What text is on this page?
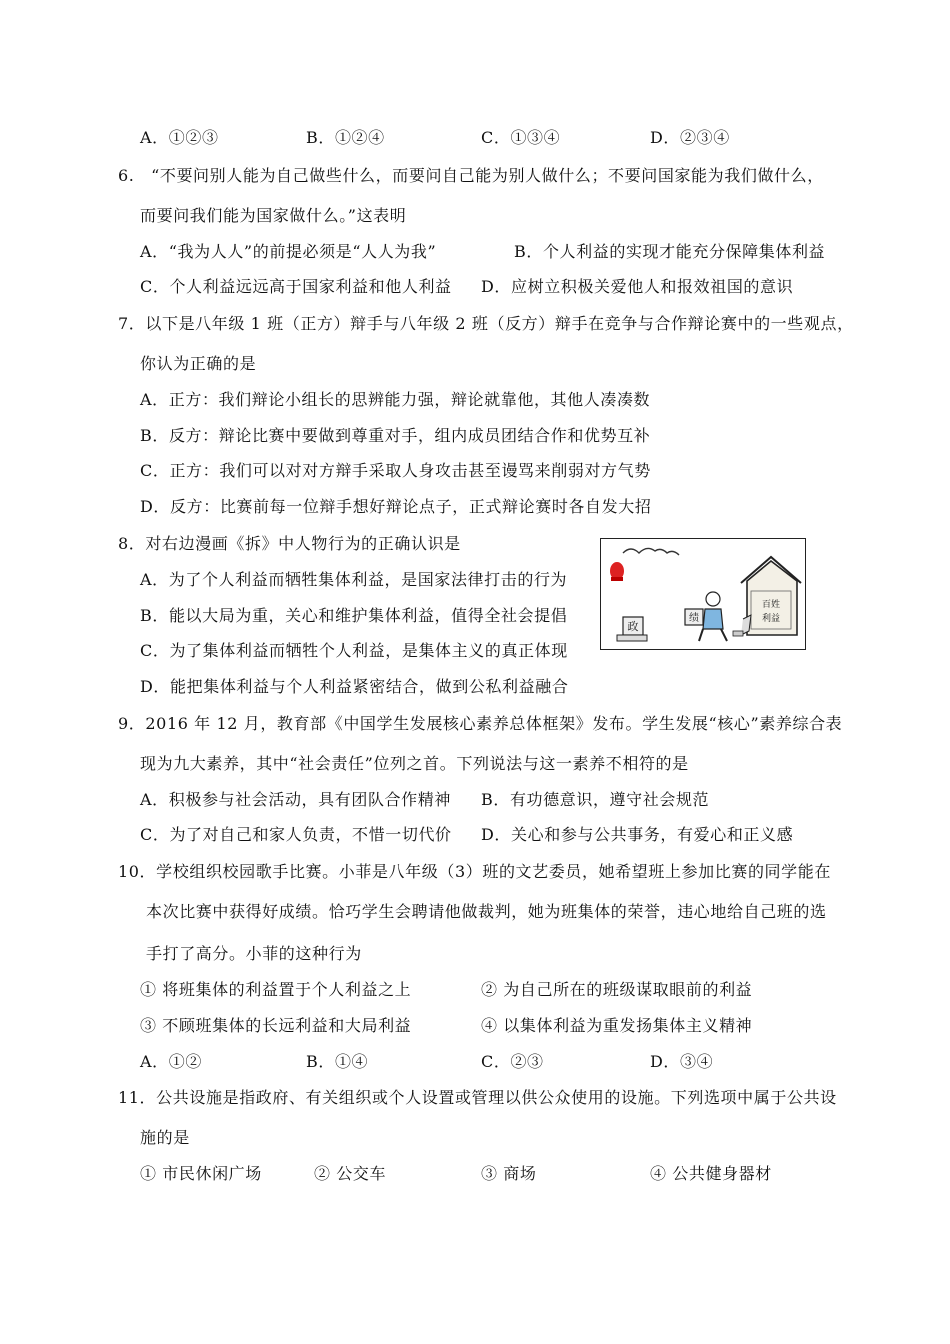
A．①②③	B．①②④	C．①③④	D．②③④
6.　“不要问别人能为自己做些什么，而要问自己能为别人做什么；不要问国家能为我们做什么，
而要问我们能为国家做什么。”这表明
A．“我为人人”的前提必须是“人人为我”	B．个人利益的实现才能充分保障集体利益
C．个人利益远远高于国家利益和他人利益 D．应树立积极关爱他人和报效祖国的意识
7．以下是八年级 1 班（正方）辩手与八年级 2 班（反方）辩手在竞争与合作辩论赛中的一些观点，
你认为正确的是
A．正方：我们辩论小组长的思辨能力强，辩论就靠他，其他人凑凑数
B．反方：辩论比赛中要做到尊重对手，组内成员团结合作和优势互补
C．正方：我们可以对对方辩手采取人身攻击甚至谩骂来削弱对方气势
D．反方：比赛前每一位辩手想好辩论点子，正式辩论赛时各自发大招
8．对右边漫画《拆》中人物行为的正确认识是
A．为了个人利益而牺牲集体利益，是国家法律打击的行为
B．能以大局为重，关心和维护集体利益，值得全社会提倡
C．为了集体利益而牺牲个人利益，是集体主义的真正体现
D．能把集体利益与个人利益紧密结合，做到公私利益融合
百姓
利益
绩
政
9．2016 年 12 月，教育部《中国学生发展核心素养总体框架》发布。学生发展“核心”素养综合表
现为九大素养，其中“社会责任”位列之首。下列说法与这一素养不相符的是
A．积极参与社会活动，具有团队合作精神 B．有功德意识，遵守社会规范
C．为了对自己和家人负责，不惜一切代价 D．关心和参与公共事务，有爱心和正义感
10．学校组织校园歌手比赛。小菲是八年级（3）班的文艺委员，她希望班上参加比赛的同学能在
本次比赛中获得好成绩。恰巧学生会聘请他做裁判，她为班集体的荣誉，违心地给自己班的选
手打了高分。小菲的这种行为
① 将班集体的利益置于个人利益之上	② 为自己所在的班级谋取眼前的利益
③ 不顾班集体的长远利益和大局利益	④ 以集体利益为重发扬集体主义精神
A．①②	B．①④	C．②③	D．③④
11．公共设施是指政府、有关组织或个人设置或管理以供公众使用的设施。下列选项中属于公共设
施的是
① 市民休闲广场	② 公交车	③ 商场	④ 公共健身器材
